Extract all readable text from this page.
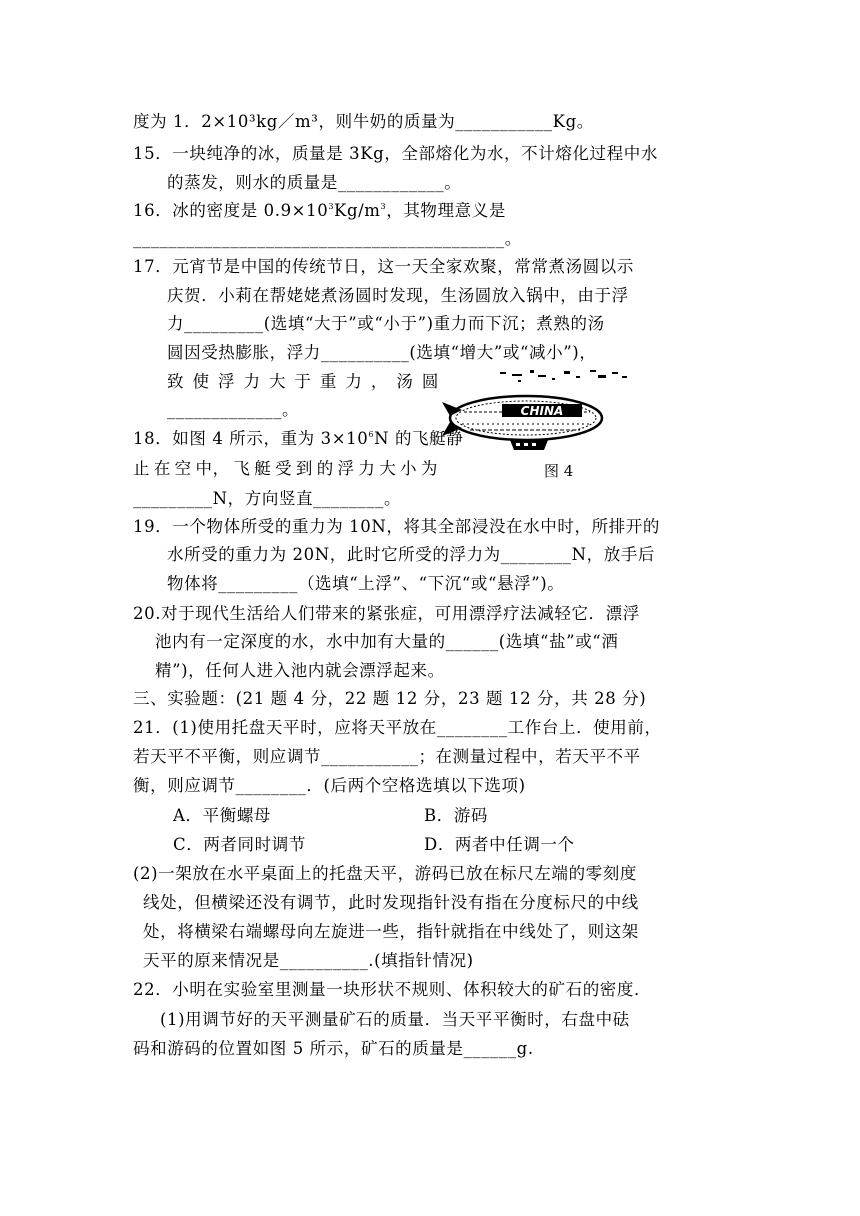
度为 1．2×10³kg／m³，则牛奶的质量为___________Kg。
15．一块纯净的冰，质量是 3Kg，全部熔化为水，不计熔化过程中水
的蒸发，则水的质量是____________。
16．冰的密度是 $0.9\times 10^3Kg/m^3$，其物理意义是
__________________________________________。
17．元宵节是中国的传统节日，这一天全家欢聚，常常煮汤圆以示
庆贺．小莉在帮姥姥煮汤圆时发现，生汤圆放入锅中，由于浮
力_________(选填“大于”或“小于”)重力而下沉；煮熟的汤
圆因受热膨胀，浮力__________(选填“增大”或“减小”)，
致 使 浮 力 大 于 重 力 ， 汤 圆
_____________。
18．如图 4 所示，重为 $3\times 10^6N$ 的飞艇静
止 在 空 中， 飞 艇 受 到 的 浮 力 大 小 为
_________N，方向竖直________。
CHINA
图 4
19．一个物体所受的重力为 10N，将其全部浸没在水中时，所排开的
水所受的重力为 20N，此时它所受的浮力为________N，放手后
物体将_________（选填“上浮”、“下沉“或“悬浮”)。
20.对于现代生活给人们带来的紧张症，可用漂浮疗法减轻它．漂浮
池内有一定深度的水，水中加有大量的______(选填“盐”或“酒
精”)，任何人进入池内就会漂浮起来。
三、实验题：(21 题 4 分，22 题 12 分，23 题 12 分，共 28 分)
21．(1)使用托盘天平时，应将天平放在________工作台上．使用前，
若天平不平衡，则应调节___________；在测量过程中，若天平不平
衡，则应调节________．(后两个空格选填以下选项)
A．平衡螺母	B．游码
C．两者同时调节	D．两者中任调一个
(2)一架放在水平桌面上的托盘天平，游码已放在标尺左端的零刻度
线处，但横梁还没有调节，此时发现指针没有指在分度标尺的中线
处，将横梁右端螺母向左旋进一些，指针就指在中线处了，则这架
天平的原来情况是__________.(填指针情况)
22．小明在实验室里测量一块形状不规则、体积较大的矿石的密度．
(1)用调节好的天平测量矿石的质量．当天平平衡时，右盘中砝
码和游码的位置如图 5 所示，矿石的质量是______g.
